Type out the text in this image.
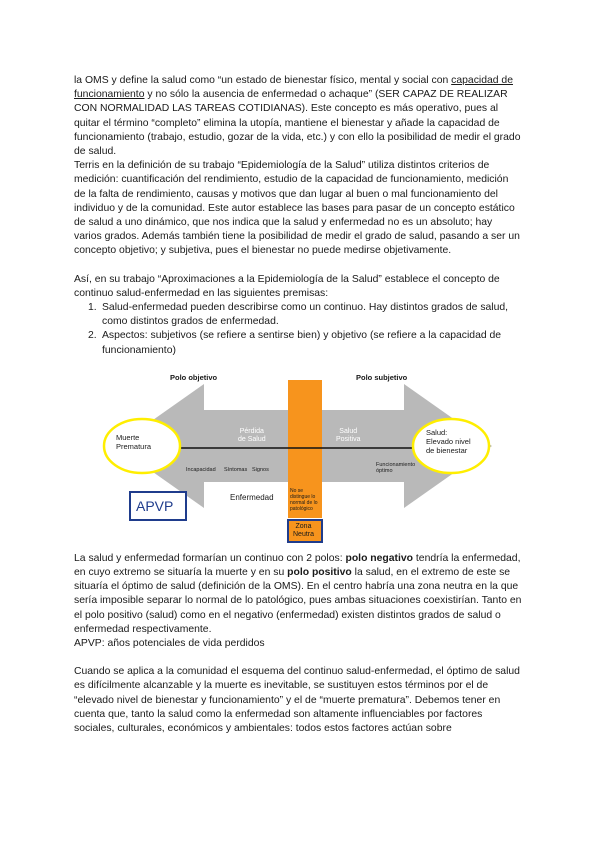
la OMS y define la salud como “un estado de bienestar físico, mental y social con capacidad de funcionamiento y no sólo la ausencia de enfermedad o achaque” (SER CAPAZ DE REALIZAR CON NORMALIDAD LAS TAREAS COTIDIANAS). Este concepto es más operativo, pues al quitar el término “completo” elimina la utopía, mantiene el bienestar y añade la capacidad de funcionamiento (trabajo, estudio, gozar de la vida, etc.) y con ello la posibilidad de medir el grado de salud.

Terris en la definición de su trabajo “Epidemiología de la Salud” utiliza distintos criterios de medición: cuantificación del rendimiento, estudio de la capacidad de funcionamiento, medición de la falta de rendimiento, causas y motivos que dan lugar al buen o mal funcionamiento del individuo y de la comunidad. Este autor establece las bases para pasar de un concepto estático de salud a uno dinámico, que nos indica que la salud y enfermedad no es un absoluto; hay varios grados. Además también tiene la posibilidad de medir el grado de salud, pasando a ser un concepto objetivo; y subjetiva, pues el bienestar no puede medirse objetivamente.

Así, en su trabajo “Aproximaciones a la Epidemiología de la Salud” establece el concepto de continuo salud-enfermedad en las siguientes premisas:

1. Salud-enfermedad pueden describirse como un continuo. Hay distintos grados de salud, como distintos grados de enfermedad.
2. Aspectos: subjetivos (se refiere a sentirse bien) y objetivo (se refiere a la capacidad de funcionamiento)
Polo objetivo	Polo subjetivo
Muerte
Prematura
Salud:
Elevado nivel
de bienestar
Pérdida
de Salud
Salud
Positiva
Incapacidad Síntomas Signos
Funcionamiento
óptimo
Enfermedad
No se
distingue lo
normal de lo
patológico
Zona
Neutra
APVP

La salud y enfermedad formarían un continuo con 2 polos: polo negativo tendría la enfermedad, en cuyo extremo se situaría la muerte y en su polo positivo la salud, en el extremo de este se situaría el óptimo de salud (definición de la OMS). En el centro habría una zona neutra en la que sería imposible separar lo normal de lo patológico, pues ambas situaciones coexistirían. Tanto en el polo positivo (salud) como en el negativo (enfermedad) existen distintos grados de salud o enfermedad respectivamente.

APVP: años potenciales de vida perdidos

Cuando se aplica a la comunidad el esquema del continuo salud-enfermedad, el óptimo de salud es difícilmente alcanzable y la muerte es inevitable, se sustituyen estos términos por el de “elevado nivel de bienestar y funcionamiento” y el de “muerte prematura”. Debemos tener en cuenta que, tanto la salud como la enfermedad son altamente influenciables por factores sociales, culturales, económicos y ambientales: todos estos factores actúan sobre
